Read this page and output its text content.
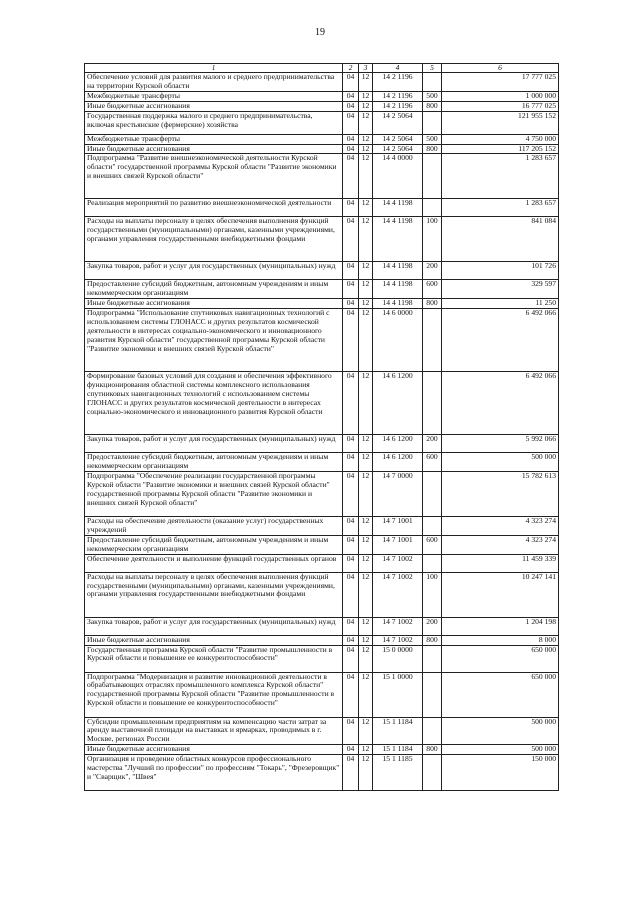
19
1	2	3	4	5	6
Обеспечение условий для развития малого и среднего предпринимательства на территории Курской области	04	12	14 2 1196		17 777 025
Межбюджетные трансферты	04	12	14 2 1196	500	1 000 000
Иные бюджетные ассигнования	04	12	14 2 1196	800	16 777 025
Государственная поддержка малого и среднего предпринимательства, включая крестьянские (фермерские) хозяйства	04	12	14 2 5064		121 955 152
Межбюджетные трансферты	04	12	14 2 5064	500	4 750 000
Иные бюджетные ассигнования	04	12	14 2 5064	800	117 205 152
Подпрограмма "Развитие внешнеэкономической деятельности Курской области" государственной программы Курской области "Развитие экономики и внешних связей Курской области"	04	12	14 4 0000		1 283 657
Реализация мероприятий по развитию внешнеэкономической деятельности	04	12	14 4 1198		1 283 657
Расходы на выплаты персоналу в целях обеспечения выполнения функций государственными (муниципальными) органами, казенными учреждениями, органами управления государственными внебюджетными фондами	04	12	14 4 1198	100	841 084
Закупка товаров, работ и услуг для государственных (муниципальных) нужд	04	12	14 4 1198	200	101 726
Предоставление субсидий бюджетным, автономным учреждениям и иным некоммерческим организациям	04	12	14 4 1198	600	329 597
Иные бюджетные ассигнования	04	12	14 4 1198	800	11 250
Подпрограмма "Использование спутниковых навигационных технологий с использованием системы ГЛОНАСС и других результатов космической деятельности в интересах социально-экономического и инновационного развития Курской области" государственной программы Курской области "Развитие экономики и внешних связей Курской области"	04	12	14 6 0000		6 492 066
Формирование базовых условий для создания и обеспечения эффективного функционирования областной системы комплексного использования спутниковых навигационных технологий с использованием системы ГЛОНАСС и других результатов космической деятельности в интересах социально-экономического и инновационного развития Курской области	04	12	14 6 1200		6 492 066
Закупка товаров, работ и услуг для государственных (муниципальных) нужд	04	12	14 6 1200	200	5 992 066
Предоставление субсидий бюджетным, автономным учреждениям и иным некоммерческим организациям	04	12	14 6 1200	600	500 000
Подпрограмма "Обеспечение реализации государственной программы Курской области "Развитие экономики и внешних связей Курской области" государственной программы Курской области "Развитие экономики и внешних связей Курской области"	04	12	14 7 0000		15 782 613
Расходы на обеспечение деятельности (оказание услуг) государственных учреждений	04	12	14 7 1001		4 323 274
Предоставление субсидий бюджетным, автономным учреждениям и иным некоммерческим организациям	04	12	14 7 1001	600	4 323 274
Обеспечение деятельности и выполнение функций государственных органов	04	12	14 7 1002		11 459 339
Расходы на выплаты персоналу в целях обеспечения выполнения функций государственными (муниципальными) органами, казенными учреждениями, органами управления государственными внебюджетными фондами	04	12	14 7 1002	100	10 247 141
Закупка товаров, работ и услуг для государственных (муниципальных) нужд	04	12	14 7 1002	200	1 204 198
Иные бюджетные ассигнования	04	12	14 7 1002	800	8 000
Государственная программа Курской области "Развитие промышленности в Курской области и повышение ее конкурентоспособности"	04	12	15 0 0000		650 000
Подпрограмма "Модернизация и развитие инновационной деятельности в обрабатывающих отраслях промышленного комплекса Курской области" государственной программы Курской области "Развитие промышленности в Курской области и повышение ее конкурентоспособности"	04	12	15 1 0000		650 000
Субсидии промышленным предприятиям на компенсацию части затрат за аренду выставочной площади на выставках и ярмарках, проводимых в г. Москве, регионах России	04	12	15 1 1184		500 000
Иные бюджетные ассигнования	04	12	15 1 1184	800	500 000
Организация и проведение областных конкурсов профессионального мастерства "Лучший по профессии" по профессиям "Токарь", "Фрезеровщик" и "Сварщик", "Швея"	04	12	15 1 1185		150 000
